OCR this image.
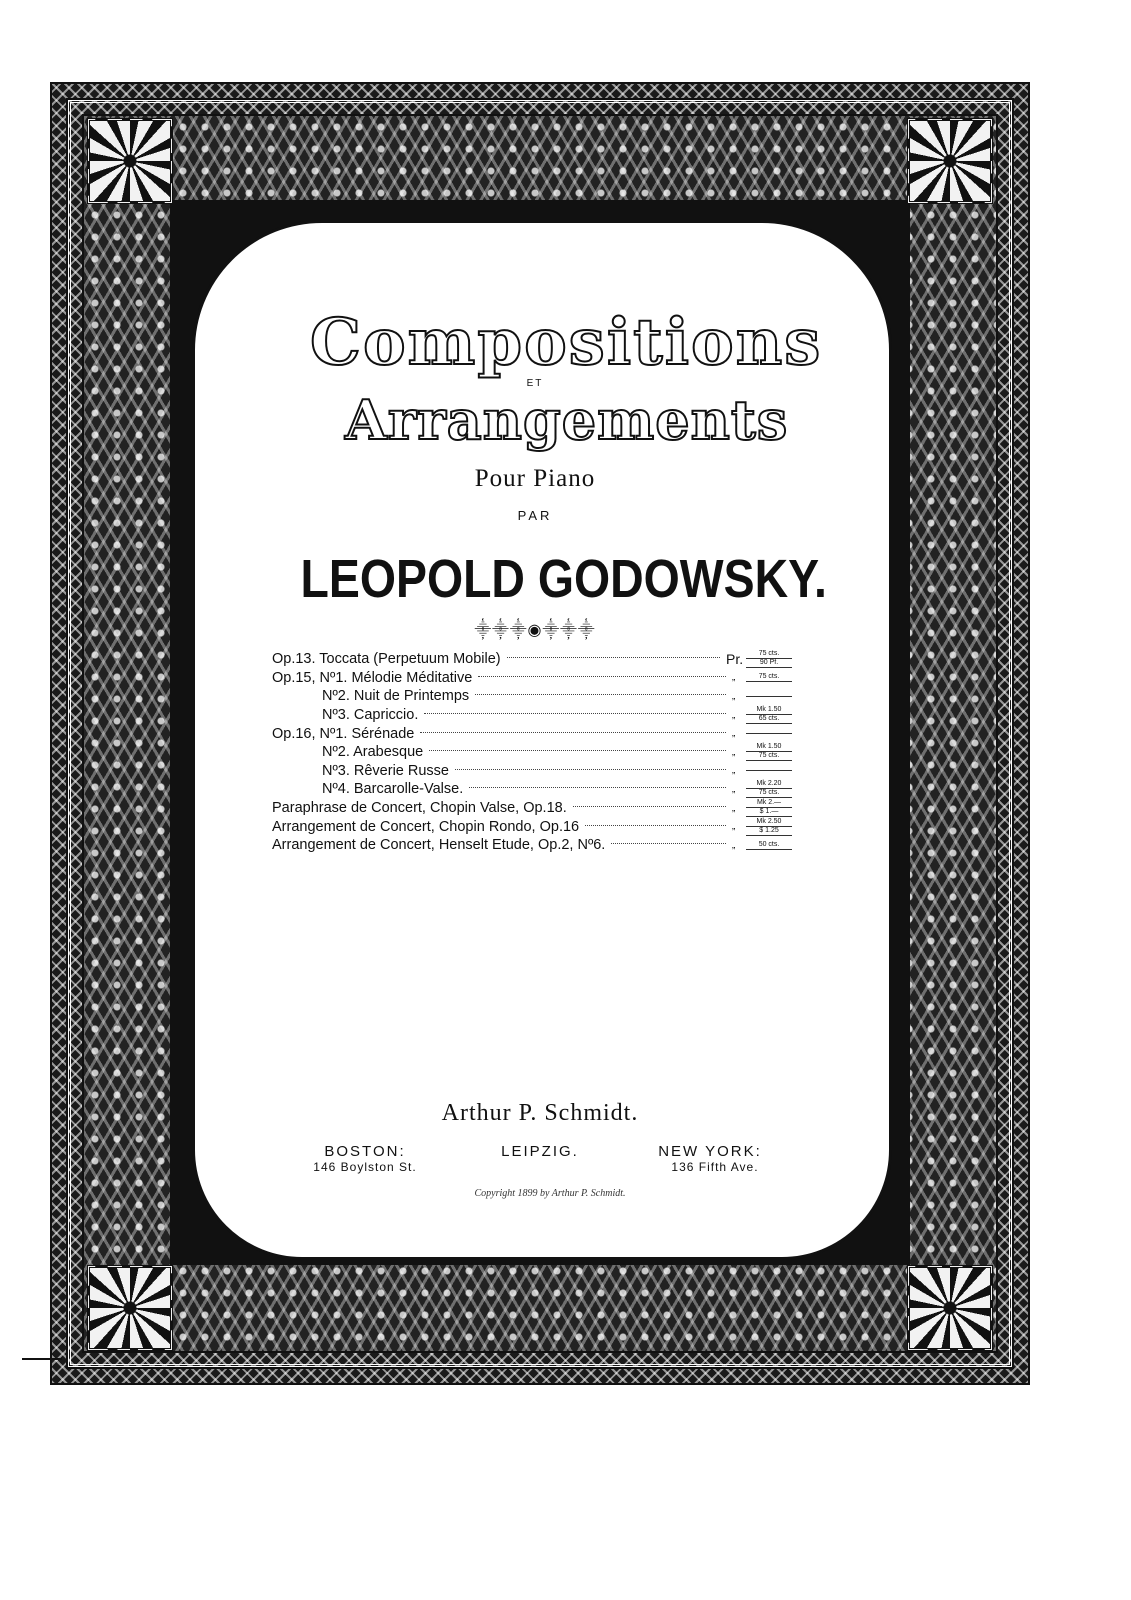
Compositions
ET
Arrangements
Pour Piano
PAR
LEOPOLD GODOWSKY.
⸎⸎⸎◉⸎⸎⸎
Op.13. Toccata (Perpetuum Mobile)	Pr.	75 cts.
90 Pf.
Op.15, Nº1. Mélodie Méditative	„	75 cts.
Nº2. Nuit de Printemps	„
Nº3. Capriccio.	„	Mk 1.50
65 cts.
Op.16, Nº1. Sérénade	„
Nº2. Arabesque	„	Mk 1.50
75 cts.
Nº3. Rêverie Russe	„
Nº4. Barcarolle-Valse.	„	Mk 2.20
75 cts.
Paraphrase de Concert, Chopin Valse, Op.18.	„	Mk 2.—
$ 1.—
Arrangement de Concert, Chopin Rondo, Op.16	„	Mk 2.50
$ 1.25
Arrangement de Concert, Henselt Etude, Op.2, Nº6.	„	50 cts.
Arthur P. Schmidt.
BOSTON:
146 Boylston St.
LEIPZIG.	NEW YORK:
136 Fifth Ave.
Copyright 1899 by Arthur P. Schmidt.
